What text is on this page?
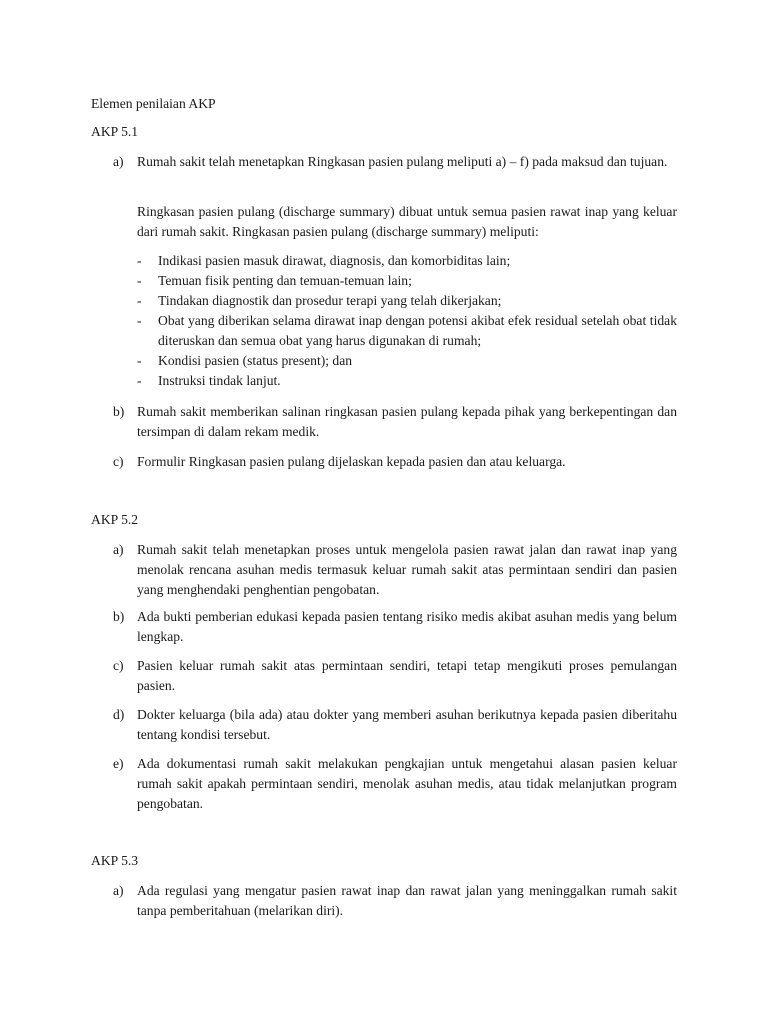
Elemen penilaian AKP
AKP 5.1
a) Rumah sakit telah menetapkan Ringkasan pasien pulang meliputi a) – f) pada maksud dan tujuan.
Ringkasan pasien pulang (discharge summary) dibuat untuk semua pasien rawat inap yang keluar dari rumah sakit. Ringkasan pasien pulang (discharge summary) meliputi:
- Indikasi pasien masuk dirawat, diagnosis, dan komorbiditas lain;
- Temuan fisik penting dan temuan-temuan lain;
- Tindakan diagnostik dan prosedur terapi yang telah dikerjakan;
- Obat yang diberikan selama dirawat inap dengan potensi akibat efek residual setelah obat tidak diteruskan dan semua obat yang harus digunakan di rumah;
- Kondisi pasien (status present); dan
- Instruksi tindak lanjut.
b) Rumah sakit memberikan salinan ringkasan pasien pulang kepada pihak yang berkepentingan dan tersimpan di dalam rekam medik.
c) Formulir Ringkasan pasien pulang dijelaskan kepada pasien dan atau keluarga.
AKP 5.2
a) Rumah sakit telah menetapkan proses untuk mengelola pasien rawat jalan dan rawat inap yang menolak rencana asuhan medis termasuk keluar rumah sakit atas permintaan sendiri dan pasien yang menghendaki penghentian pengobatan.
b) Ada bukti pemberian edukasi kepada pasien tentang risiko medis akibat asuhan medis yang belum lengkap.
c) Pasien keluar rumah sakit atas permintaan sendiri, tetapi tetap mengikuti proses pemulangan pasien.
d) Dokter keluarga (bila ada) atau dokter yang memberi asuhan berikutnya kepada pasien diberitahu tentang kondisi tersebut.
e) Ada dokumentasi rumah sakit melakukan pengkajian untuk mengetahui alasan pasien keluar rumah sakit apakah permintaan sendiri, menolak asuhan medis, atau tidak melanjutkan program pengobatan.
AKP 5.3
a) Ada regulasi yang mengatur pasien rawat inap dan rawat jalan yang meninggalkan rumah sakit tanpa pemberitahuan (melarikan diri).
